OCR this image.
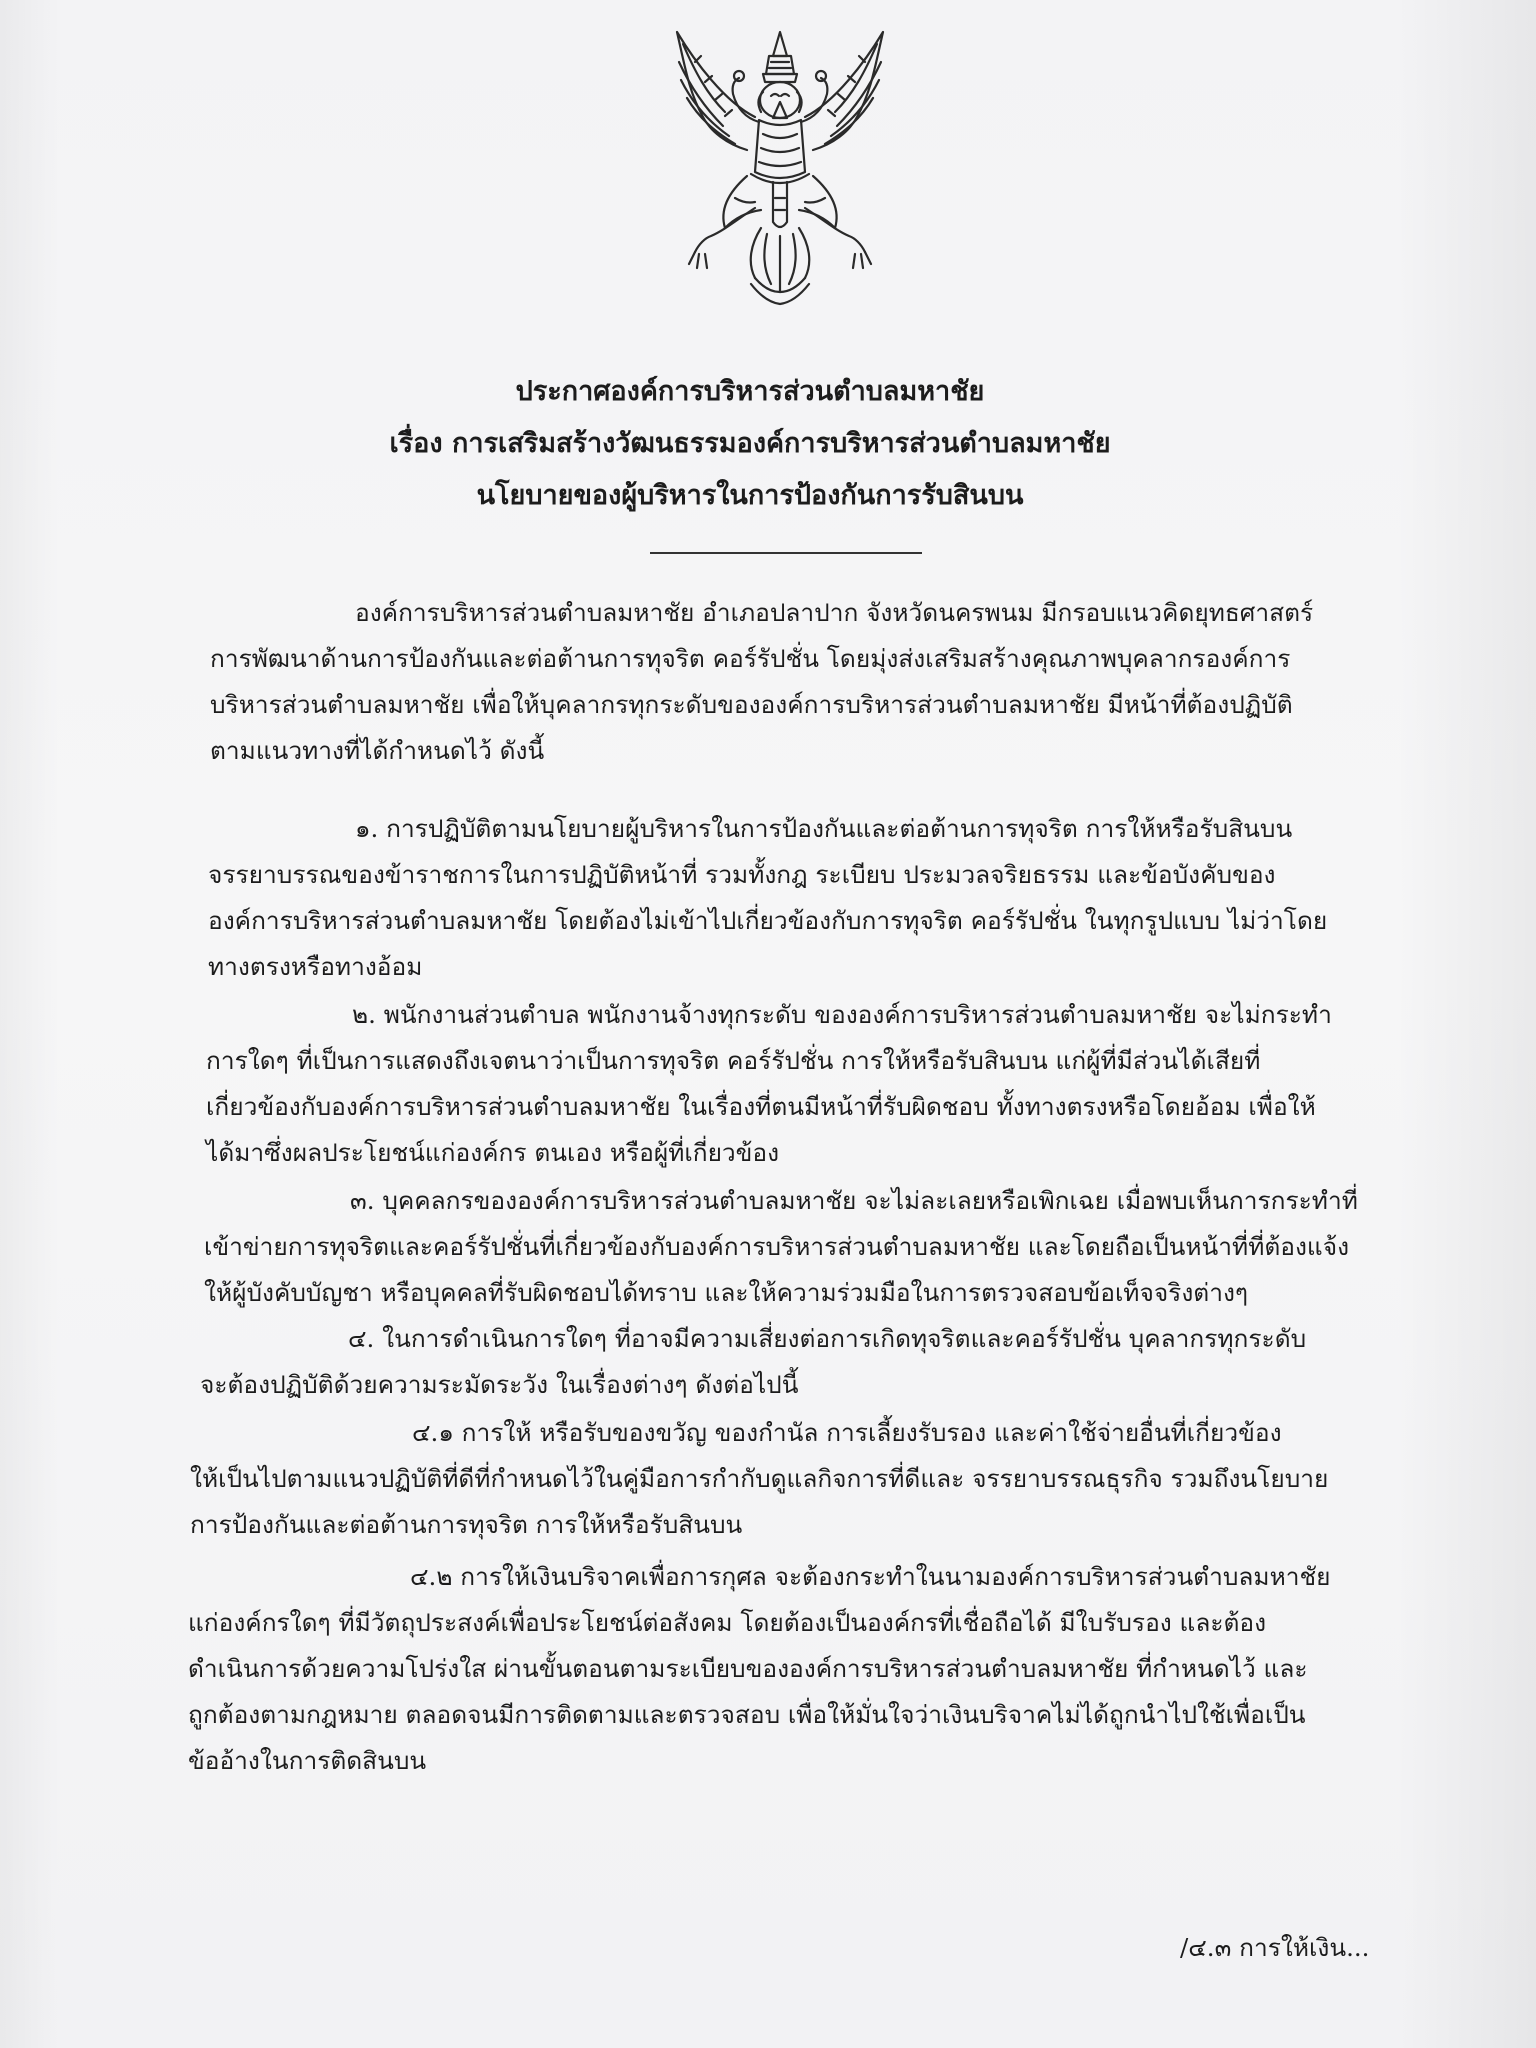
ประกาศองค์การบริหารส่วนตำบลมหาชัย
เรื่อง การเสริมสร้างวัฒนธรรมองค์การบริหารส่วนตำบลมหาชัย
นโยบายของผู้บริหารในการป้องกันการรับสินบน
องค์การบริหารส่วนตำบลมหาชัย อำเภอปลาปาก จังหวัดนครพนม มีกรอบแนวคิดยุทธศาสตร์
การพัฒนาด้านการป้องกันและต่อต้านการทุจริต คอร์รัปชั่น โดยมุ่งส่งเสริมสร้างคุณภาพบุคลากรองค์การ
บริหารส่วนตำบลมหาชัย เพื่อให้บุคลากรทุกระดับขององค์การบริหารส่วนตำบลมหาชัย มีหน้าที่ต้องปฏิบัติ
ตามแนวทางที่ได้กำหนดไว้ ดังนี้
๑. การปฏิบัติตามนโยบายผู้บริหารในการป้องกันและต่อต้านการทุจริต การให้หรือรับสินบน
จรรยาบรรณของข้าราชการในการปฏิบัติหน้าที่ รวมทั้งกฎ ระเบียบ ประมวลจริยธรรม และข้อบังคับของ
องค์การบริหารส่วนตำบลมหาชัย โดยต้องไม่เข้าไปเกี่ยวข้องกับการทุจริต คอร์รัปชั่น ในทุกรูปแบบ ไม่ว่าโดย
ทางตรงหรือทางอ้อม
๒. พนักงานส่วนตำบล พนักงานจ้างทุกระดับ ขององค์การบริหารส่วนตำบลมหาชัย จะไม่กระทำ
การใดๆ ที่เป็นการแสดงถึงเจตนาว่าเป็นการทุจริต คอร์รัปชั่น การให้หรือรับสินบน แก่ผู้ที่มีส่วนได้เสียที่
เกี่ยวข้องกับองค์การบริหารส่วนตำบลมหาชัย ในเรื่องที่ตนมีหน้าที่รับผิดชอบ ทั้งทางตรงหรือโดยอ้อม เพื่อให้
ได้มาซึ่งผลประโยชน์แก่องค์กร ตนเอง หรือผู้ที่เกี่ยวข้อง
๓. บุคคลกรขององค์การบริหารส่วนตำบลมหาชัย จะไม่ละเลยหรือเพิกเฉย เมื่อพบเห็นการกระทำที่
เข้าข่ายการทุจริตและคอร์รัปชั่นที่เกี่ยวข้องกับองค์การบริหารส่วนตำบลมหาชัย และโดยถือเป็นหน้าที่ที่ต้องแจ้ง
ให้ผู้บังคับบัญชา หรือบุคคลที่รับผิดชอบได้ทราบ และให้ความร่วมมือในการตรวจสอบข้อเท็จจริงต่างๆ
๔. ในการดำเนินการใดๆ ที่อาจมีความเสี่ยงต่อการเกิดทุจริตและคอร์รัปชั่น บุคลากรทุกระดับ
จะต้องปฏิบัติด้วยความระมัดระวัง ในเรื่องต่างๆ ดังต่อไปนี้
๔.๑ การให้ หรือรับของขวัญ ของกำนัล การเลี้ยงรับรอง และค่าใช้จ่ายอื่นที่เกี่ยวข้อง
ให้เป็นไปตามแนวปฏิบัติที่ดีที่กำหนดไว้ในคู่มือการกำกับดูแลกิจการที่ดีและ จรรยาบรรณธุรกิจ รวมถึงนโยบาย
การป้องกันและต่อต้านการทุจริต การให้หรือรับสินบน
๔.๒ การให้เงินบริจาคเพื่อการกุศล จะต้องกระทำในนามองค์การบริหารส่วนตำบลมหาชัย
แก่องค์กรใดๆ ที่มีวัตถุประสงค์เพื่อประโยชน์ต่อสังคม โดยต้องเป็นองค์กรที่เชื่อถือได้ มีใบรับรอง และต้อง
ดำเนินการด้วยความโปร่งใส ผ่านขั้นตอนตามระเบียบขององค์การบริหารส่วนตำบลมหาชัย ที่กำหนดไว้ และ
ถูกต้องตามกฎหมาย ตลอดจนมีการติดตามและตรวจสอบ เพื่อให้มั่นใจว่าเงินบริจาคไม่ได้ถูกนำไปใช้เพื่อเป็น
ข้ออ้างในการติดสินบน
/๔.๓ การให้เงิน...
